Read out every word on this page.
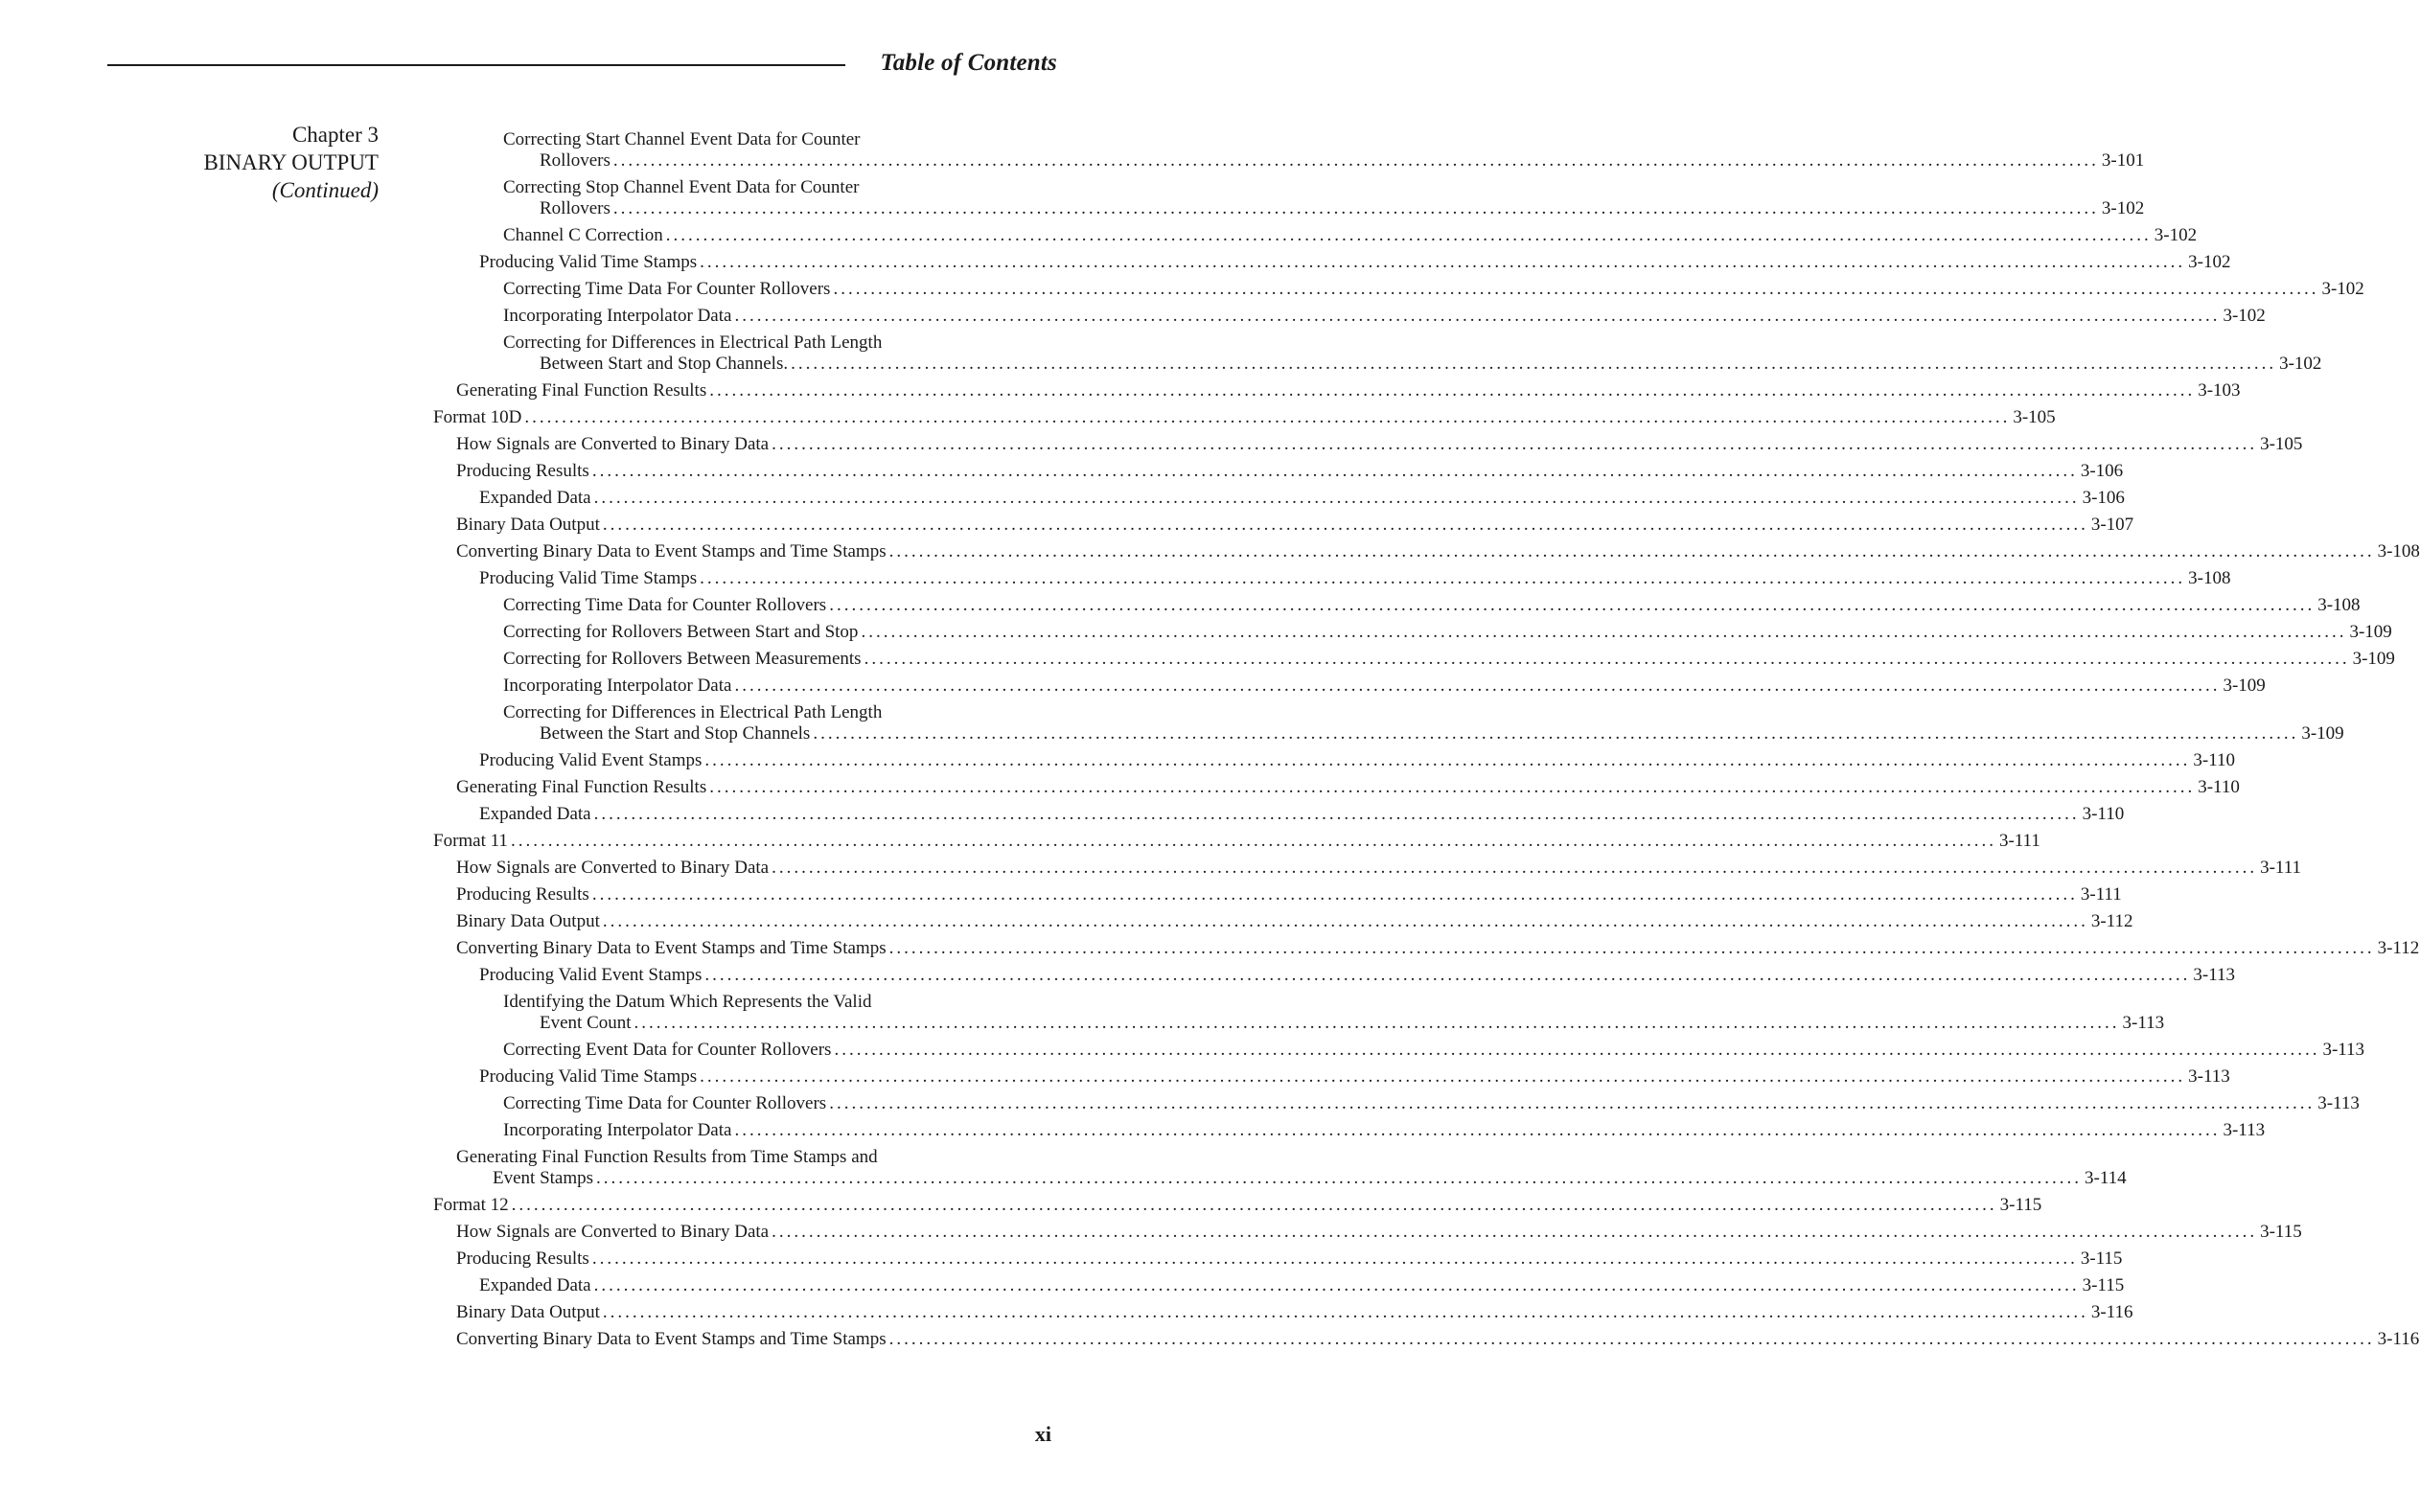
Table of Contents
Chapter 3
BINARY OUTPUT
(Continued)
Correcting Start Channel Event Data for Counter
Rollovers ........................................................................................................................................................................................................ 3-101
Correcting Stop Channel Event Data for Counter
Rollovers ........................................................................................................................................................................................................ 3-102
Channel C Correction ........................................................................................................................................................................................................ 3-102
Producing Valid Time Stamps ........................................................................................................................................................................................................ 3-102
Correcting Time Data For Counter Rollovers ........................................................................................................................................................................................................ 3-102
Incorporating Interpolator Data ........................................................................................................................................................................................................ 3-102
Correcting for Differences in Electrical Path Length
Between Start and Stop Channels. ........................................................................................................................................................................................................ 3-102
Generating Final Function Results ........................................................................................................................................................................................................ 3-103
Format 10D ........................................................................................................................................................................................................ 3-105
How Signals are Converted to Binary Data ........................................................................................................................................................................................................ 3-105
Producing Results ........................................................................................................................................................................................................ 3-106
Expanded Data ........................................................................................................................................................................................................ 3-106
Binary Data Output ........................................................................................................................................................................................................ 3-107
Converting Binary Data to Event Stamps and Time Stamps ........................................................................................................................................................................................................ 3-108
Producing Valid Time Stamps ........................................................................................................................................................................................................ 3-108
Correcting Time Data for Counter Rollovers ........................................................................................................................................................................................................ 3-108
Correcting for Rollovers Between Start and Stop ........................................................................................................................................................................................................ 3-109
Correcting for Rollovers Between Measurements ........................................................................................................................................................................................................ 3-109
Incorporating Interpolator Data ........................................................................................................................................................................................................ 3-109
Correcting for Differences in Electrical Path Length
Between the Start and Stop Channels ........................................................................................................................................................................................................ 3-109
Producing Valid Event Stamps ........................................................................................................................................................................................................ 3-110
Generating Final Function Results ........................................................................................................................................................................................................ 3-110
Expanded Data ........................................................................................................................................................................................................ 3-110
Format 11 ........................................................................................................................................................................................................ 3-111
How Signals are Converted to Binary Data ........................................................................................................................................................................................................ 3-111
Producing Results ........................................................................................................................................................................................................ 3-111
Binary Data Output ........................................................................................................................................................................................................ 3-112
Converting Binary Data to Event Stamps and Time Stamps ........................................................................................................................................................................................................ 3-112
Producing Valid Event Stamps ........................................................................................................................................................................................................ 3-113
Identifying the Datum Which Represents the Valid
Event Count ........................................................................................................................................................................................................ 3-113
Correcting Event Data for Counter Rollovers ........................................................................................................................................................................................................ 3-113
Producing Valid Time Stamps ........................................................................................................................................................................................................ 3-113
Correcting Time Data for Counter Rollovers ........................................................................................................................................................................................................ 3-113
Incorporating Interpolator Data ........................................................................................................................................................................................................ 3-113
Generating Final Function Results from Time Stamps and
Event Stamps ........................................................................................................................................................................................................ 3-114
Format 12 ........................................................................................................................................................................................................ 3-115
How Signals are Converted to Binary Data ........................................................................................................................................................................................................ 3-115
Producing Results ........................................................................................................................................................................................................ 3-115
Expanded Data ........................................................................................................................................................................................................ 3-115
Binary Data Output ........................................................................................................................................................................................................ 3-116
Converting Binary Data to Event Stamps and Time Stamps ........................................................................................................................................................................................................ 3-116
xi
